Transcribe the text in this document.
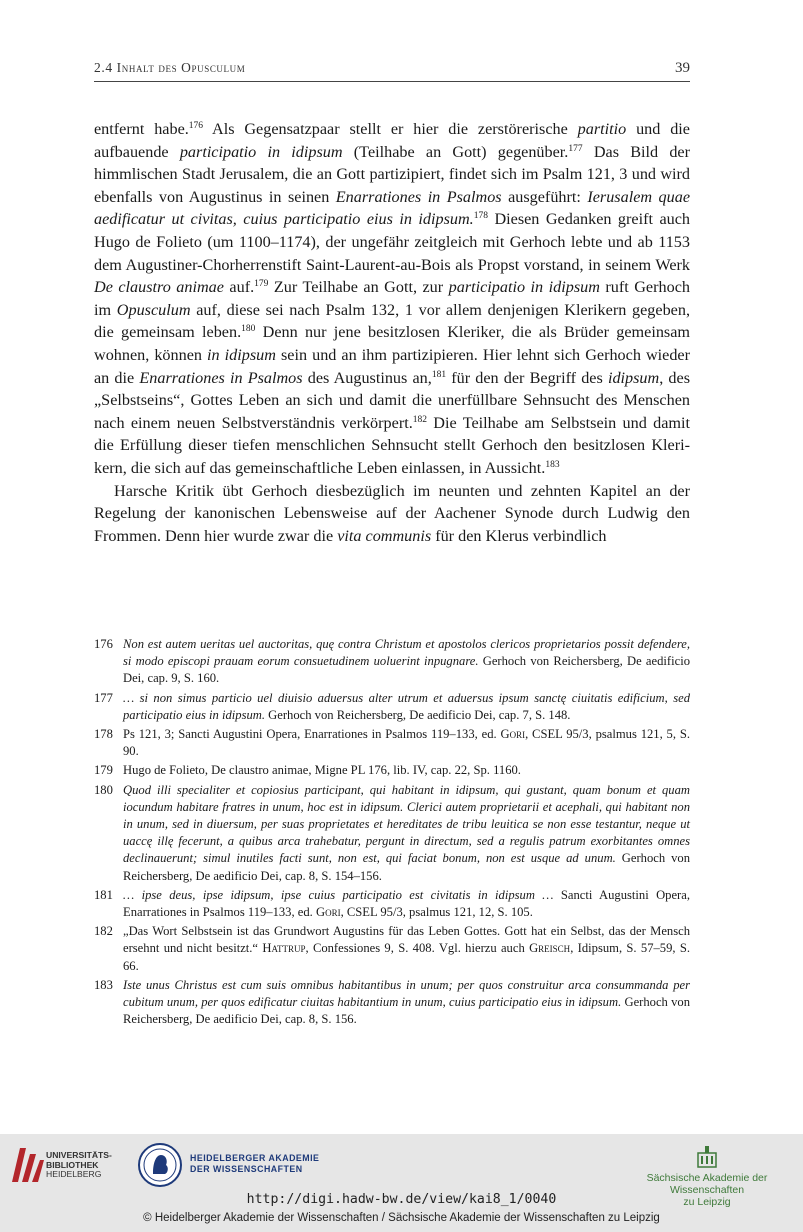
2.4 Inhalt des Opusculum	39

entfernt habe.$^{176}$ Als Gegensatzpaar stellt er hier die zerstörerische partitio und die aufbauende participatio in idipsum (Teilhabe an Gott) gegenüber.$^{177}$ Das Bild der himmlischen Stadt Jerusalem, die an Gott partizipiert, findet sich im Psalm 121, 3 und wird ebenfalls von Augustinus in seinen Enarrationes in Psalmos ausgeführt: Ierusalem quae aedificatur ut civitas, cuius participatio eius in idipsum.$^{178}$ Diesen Gedanken greift auch Hugo de Folieto (um 1100–1174), der ungefähr zeitgleich mit Gerhoch lebte und ab 1153 dem Augustiner-Chorherrenstift Saint-Laurent-au-Bois als Propst vorstand, in seinem Werk De claustro animae auf.$^{179}$ Zur Teilhabe an Gott, zur participatio in idipsum ruft Gerhoch im Opusculum auf, diese sei nach Psalm 132, 1 vor allem denjenigen Klerikern gegeben, die gemeinsam leben.$^{180}$ Denn nur jene besitzlosen Kleriker, die als Brüder gemeinsam wohnen, können in idipsum sein und an ihm partizipieren. Hier lehnt sich Gerhoch wieder an die Enarrationes in Psalmos des Augustinus an,$^{181}$ für den der Begriff des idipsum, des „Selbstseins“, Gottes Leben an sich und damit die unerfüllbare Sehnsucht des Menschen nach einem neuen Selbstverständnis verkörpert.$^{182}$ Die Teilhabe am Selbstsein und damit die Erfüllung dieser tiefen menschlichen Sehnsucht stellt Gerhoch den besitzlosen Klerikern, die sich auf das gemeinschaftliche Leben einlassen, in Aussicht.$^{183}$

Harsche Kritik übt Gerhoch diesbezüglich im neunten und zehnten Kapitel an der Regelung der kanonischen Lebensweise auf der Aachener Synode durch Ludwig den Frommen. Denn hier wurde zwar die vita communis für den Klerus verbindlich

176 Non est autem ueritas uel auctoritas, quę contra Christum et apostolos clericos proprietarios possit defendere, si modo episcopi prauam eorum consuetudinem uoluerint inpugnare. Gerhoch von Reichersberg, De aedificio Dei, cap. 9, S. 160.
177 … si non simus particio uel diuisio aduersus alter utrum et aduersus ipsum sanctę ciuitatis edificium, sed participatio eius in idipsum. Gerhoch von Reichersberg, De aedificio Dei, cap. 7, S. 148.
178 Ps 121, 3; Sancti Augustini Opera, Enarrationes in Psalmos 119–133, ed. Gori, CSEL 95/3, psalmus 121, 5, S. 90.
179 Hugo de Folieto, De claustro animae, Migne PL 176, lib. IV, cap. 22, Sp. 1160.
180 Quod illi specialiter et copiosius participant, qui habitant in idipsum, qui gustant, quam bonum et quam iocundum habitare fratres in unum, hoc est in idipsum. Clerici autem proprietarii et acephali, qui habitant non in unum, sed in diuersum, per suas proprietates et hereditates de tribu leuitica se non esse testantur, neque ut uaccę illę fecerunt, a quibus arca trahebatur, pergunt in directum, sed a regulis patrum exorbitantes omnes declinauerunt; simul inutiles facti sunt, non est, qui faciat bonum, non est usque ad unum. Gerhoch von Reichersberg, De aedificio Dei, cap. 8, S. 154–156.
181 … ipse deus, ipse idipsum, ipse cuius participatio est civitatis in idipsum … Sancti Augustini Opera, Enarrationes in Psalmos 119–133, ed. Gori, CSEL 95/3, psalmus 121, 12, S. 105.
182 „Das Wort Selbstsein ist das Grundwort Augustins für das Leben Gottes. Gott hat ein Selbst, das der Mensch ersehnt und nicht besitzt.“ Hattrup, Confessiones 9, S. 408. Vgl. hierzu auch Greisch, Idipsum, S. 57–59, S. 66.
183 Iste unus Christus est cum suis omnibus habitantibus in unum; per quos construitur arca consummanda per cubitum unum, per quos edificatur ciuitas habitantium in unum, cuius participatio eius in idipsum. Gerhoch von Reichersberg, De aedificio Dei, cap. 8, S. 156.
UNIVERSITÄTS-
BIBLIOTHEK
HEIDELBERG
HEIDELBERGER AKADEMIE
DER WISSENSCHAFTEN
Sächsische Akademie der Wissenschaften
zu Leipzig
http://digi.hadw-bw.de/view/kai8_1/0040
© Heidelberger Akademie der Wissenschaften / Sächsische Akademie der Wissenschaften zu Leipzig
